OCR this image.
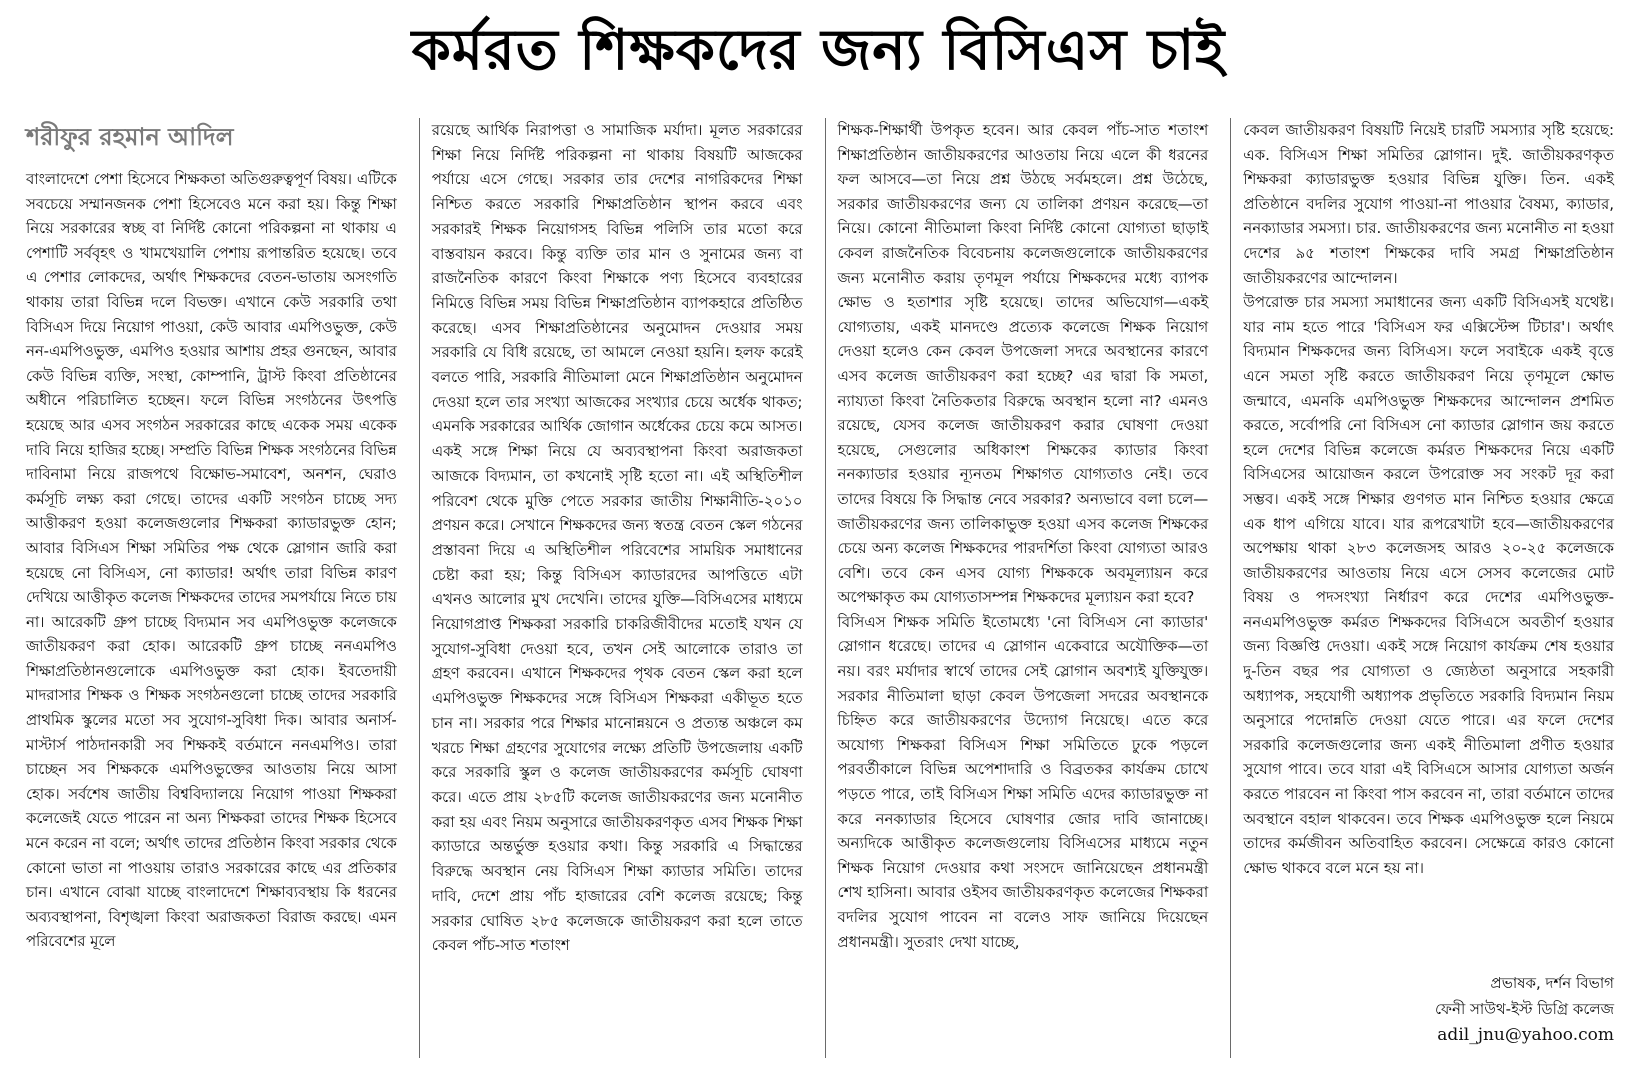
কর্মরত শিক্ষকদের জন্য বিসিএস চাই
শরীফুর রহমান আদিল

বাংলাদেশে পেশা হিসেবে শিক্ষকতা অতিগুরুত্বপূর্ণ বিষয়। এটিকে সবচেয়ে সম্মানজনক পেশা হিসেবেও মনে করা হয়। কিন্তু শিক্ষা নিয়ে সরকারের স্বচ্ছ বা নির্দিষ্ট কোনো পরিকল্পনা না থাকায় এ পেশাটি সর্ববৃহৎ ও খামখেয়ালি পেশায় রূপান্তরিত হয়েছে। তবে এ পেশার লোকদের, অর্থাৎ শিক্ষকদের বেতন-ভাতায় অসংগতি থাকায় তারা বিভিন্ন দলে বিভক্ত। এখানে কেউ সরকারি তথা বিসিএস দিয়ে নিয়োগ পাওয়া, কেউ আবার এমপিওভুক্ত, কেউ নন-এমপিওভুক্ত, এমপিও হওয়ার আশায় প্রহর গুনছেন, আবার কেউ বিভিন্ন ব্যক্তি, সংস্থা, কোম্পানি, ট্রাস্ট কিংবা প্রতিষ্ঠানের অধীনে পরিচালিত হচ্ছেন। ফলে বিভিন্ন সংগঠনের উৎপত্তি হয়েছে আর এসব সংগঠন সরকারের কাছে একেক সময় একেক দাবি নিয়ে হাজির হচ্ছে। সম্প্রতি বিভিন্ন শিক্ষক সংগঠনের বিভিন্ন দাবিনামা নিয়ে রাজপথে বিক্ষোভ-সমাবেশ, অনশন, ঘেরাও কর্মসূচি লক্ষ্য করা গেছে। তাদের একটি সংগঠন চাচ্ছে সদ্য আত্তীকরণ হওয়া কলেজগুলোর শিক্ষকরা ক্যাডারভুক্ত হোন; আবার বিসিএস শিক্ষা সমিতির পক্ষ থেকে স্লোগান জারি করা হয়েছে নো বিসিএস, নো ক্যাডার! অর্থাৎ তারা বিভিন্ন কারণ দেখিয়ে আত্তীকৃত কলেজ শিক্ষকদের তাদের সমপর্যায়ে নিতে চায় না। আরেকটি গ্রুপ চাচ্ছে বিদ্যমান সব এমপিওভুক্ত কলেজকে জাতীয়করণ করা হোক। আরেকটি গ্রুপ চাচ্ছে ননএমপিও শিক্ষাপ্রতিষ্ঠানগুলোকে এমপিওভুক্ত করা হোক। ইবতেদায়ী মাদরাসার শিক্ষক ও শিক্ষক সংগঠনগুলো চাচ্ছে তাদের সরকারি প্রাথমিক স্কুলের মতো সব সুযোগ-সুবিধা দিক। আবার অনার্স-মাস্টার্স পাঠদানকারী সব শিক্ষকই বর্তমানে ননএমপিও। তারা চাচ্ছেন সব শিক্ষককে এমপিওভুক্তের আওতায় নিয়ে আসা হোক। সর্বশেষ জাতীয় বিশ্ববিদ্যালয়ে নিয়োগ পাওয়া শিক্ষকরা কলেজেই যেতে পারেন না অন্য শিক্ষকরা তাদের শিক্ষক হিসেবে মনে করেন না বলে; অর্থাৎ তাদের প্রতিষ্ঠান কিংবা সরকার থেকে কোনো ভাতা না পাওয়ায় তারাও সরকারের কাছে এর প্রতিকার চান। এখানে বোঝা যাচ্ছে বাংলাদেশে শিক্ষাব্যবস্থায় কি ধরনের অব্যবস্থাপনা, বিশৃঙ্খলা কিংবা অরাজকতা বিরাজ করছে। এমন পরিবেশের মূলে

রয়েছে আর্থিক নিরাপত্তা ও সামাজিক মর্যাদা। মূলত সরকারের শিক্ষা নিয়ে নির্দিষ্ট পরিকল্পনা না থাকায় বিষয়টি আজকের পর্যায়ে এসে গেছে। সরকার তার দেশের নাগরিকদের শিক্ষা নিশ্চিত করতে সরকারি শিক্ষাপ্রতিষ্ঠান স্থাপন করবে এবং সরকারই শিক্ষক নিয়োগসহ বিভিন্ন পলিসি তার মতো করে বাস্তবায়ন করবে। কিন্তু ব্যক্তি তার মান ও সুনামের জন্য বা রাজনৈতিক কারণে কিংবা শিক্ষাকে পণ্য হিসেবে ব্যবহারের নিমিত্তে বিভিন্ন সময় বিভিন্ন শিক্ষাপ্রতিষ্ঠান ব্যাপকহারে প্রতিষ্ঠিত করেছে। এসব শিক্ষাপ্রতিষ্ঠানের অনুমোদন দেওয়ার সময় সরকারি যে বিধি রয়েছে, তা আমলে নেওয়া হয়নি। হলফ করেই বলতে পারি, সরকারি নীতিমালা মেনে শিক্ষাপ্রতিষ্ঠান অনুমোদন দেওয়া হলে তার সংখ্যা আজকের সংখ্যার চেয়ে অর্ধেক থাকত; এমনকি সরকারের আর্থিক জোগান অর্ধেকের চেয়ে কমে আসত। একই সঙ্গে শিক্ষা নিয়ে যে অব্যবস্থাপনা কিংবা অরাজকতা আজকে বিদ্যমান, তা কখনোই সৃষ্টি হতো না। এই অস্থিতিশীল পরিবেশ থেকে মুক্তি পেতে সরকার জাতীয় শিক্ষানীতি-২০১০ প্রণয়ন করে। সেখানে শিক্ষকদের জন্য স্বতন্ত্র বেতন স্কেল গঠনের প্রস্তাবনা দিয়ে এ অস্থিতিশীল পরিবেশের সাময়িক সমাধানের চেষ্টা করা হয়; কিন্তু বিসিএস ক্যাডারদের আপত্তিতে এটা এখনও আলোর মুখ দেখেনি। তাদের যুক্তি—বিসিএসের মাধ্যমে নিয়োগপ্রাপ্ত শিক্ষকরা সরকারি চাকরিজীবীদের মতোই যখন যে সুযোগ-সুবিধা দেওয়া হবে, তখন সেই আলোকে তারাও তা গ্রহণ করবেন। এখানে শিক্ষকদের পৃথক বেতন স্কেল করা হলে এমপিওভুক্ত শিক্ষকদের সঙ্গে বিসিএস শিক্ষকরা একীভূত হতে চান না। সরকার পরে শিক্ষার মানোন্নয়নে ও প্রত্যন্ত অঞ্চলে কম খরচে শিক্ষা গ্রহণের সুযোগের লক্ষ্যে প্রতিটি উপজেলায় একটি করে সরকারি স্কুল ও কলেজ জাতীয়করণের কর্মসূচি ঘোষণা করে। এতে প্রায় ২৮৫টি কলেজ জাতীয়করণের জন্য মনোনীত করা হয় এবং নিয়ম অনুসারে জাতীয়করণকৃত এসব শিক্ষক শিক্ষা ক্যাডারে অন্তর্ভুক্ত হওয়ার কথা। কিন্তু সরকারি এ সিদ্ধান্তের বিরুদ্ধে অবস্থান নেয় বিসিএস শিক্ষা ক্যাডার সমিতি। তাদের দাবি, দেশে প্রায় পাঁচ হাজারের বেশি কলেজ রয়েছে; কিন্তু সরকার ঘোষিত ২৮৫ কলেজকে জাতীয়করণ করা হলে তাতে কেবল পাঁচ-সাত শতাংশ

শিক্ষক-শিক্ষার্থী উপকৃত হবেন। আর কেবল পাঁচ-সাত শতাংশ শিক্ষাপ্রতিষ্ঠান জাতীয়করণের আওতায় নিয়ে এলে কী ধরনের ফল আসবে—তা নিয়ে প্রশ্ন উঠছে সর্বমহলে। প্রশ্ন উঠেছে, সরকার জাতীয়করণের জন্য যে তালিকা প্রণয়ন করেছে—তা নিয়ে। কোনো নীতিমালা কিংবা নির্দিষ্ট কোনো যোগ্যতা ছাড়াই কেবল রাজনৈতিক বিবেচনায় কলেজগুলোকে জাতীয়করণের জন্য মনোনীত করায় তৃণমূল পর্যায়ে শিক্ষকদের মধ্যে ব্যাপক ক্ষোভ ও হতাশার সৃষ্টি হয়েছে। তাদের অভিযোগ—একই যোগ্যতায়, একই মানদণ্ডে প্রত্যেক কলেজে শিক্ষক নিয়োগ দেওয়া হলেও কেন কেবল উপজেলা সদরে অবস্থানের কারণে এসব কলেজ জাতীয়করণ করা হচ্ছে? এর দ্বারা কি সমতা, ন্যায্যতা কিংবা নৈতিকতার বিরুদ্ধে অবস্থান হলো না? এমনও রয়েছে, যেসব কলেজ জাতীয়করণ করার ঘোষণা দেওয়া হয়েছে, সেগুলোর অধিকাংশ শিক্ষকের ক্যাডার কিংবা ননক্যাডার হওয়ার ন্যূনতম শিক্ষাগত যোগ্যতাও নেই। তবে তাদের বিষয়ে কি সিদ্ধান্ত নেবে সরকার? অন্যভাবে বলা চলে—জাতীয়করণের জন্য তালিকাভুক্ত হওয়া এসব কলেজ শিক্ষকের চেয়ে অন্য কলেজ শিক্ষকদের পারদর্শিতা কিংবা যোগ্যতা আরও বেশি। তবে কেন এসব যোগ্য শিক্ষককে অবমূল্যায়ন করে অপেক্ষাকৃত কম যোগ্যতাসম্পন্ন শিক্ষকদের মূল্যায়ন করা হবে?

বিসিএস শিক্ষক সমিতি ইতোমধ্যে 'নো বিসিএস নো ক্যাডার' স্লোগান ধরেছে। তাদের এ স্লোগান একেবারে অযৌক্তিক—তা নয়। বরং মর্যাদার স্বার্থে তাদের সেই স্লোগান অবশ্যই যুক্তিযুক্ত। সরকার নীতিমালা ছাড়া কেবল উপজেলা সদরের অবস্থানকে চিহ্নিত করে জাতীয়করণের উদ্যোগ নিয়েছে। এতে করে অযোগ্য শিক্ষকরা বিসিএস শিক্ষা সমিতিতে ঢুকে পড়লে পরবর্তীকালে বিভিন্ন অপেশাদারি ও বিব্রতকর কার্যক্রম চোখে পড়তে পারে, তাই বিসিএস শিক্ষা সমিতি এদের ক্যাডারভুক্ত না করে ননক্যাডার হিসেবে ঘোষণার জোর দাবি জানাচ্ছে। অন্যদিকে আত্তীকৃত কলেজগুলোয় বিসিএসের মাধ্যমে নতুন শিক্ষক নিয়োগ দেওয়ার কথা সংসদে জানিয়েছেন প্রধানমন্ত্রী শেখ হাসিনা। আবার ওইসব জাতীয়করণকৃত কলেজের শিক্ষকরা বদলির সুযোগ পাবেন না বলেও সাফ জানিয়ে দিয়েছেন প্রধানমন্ত্রী। সুতরাং দেখা যাচ্ছে,

কেবল জাতীয়করণ বিষয়টি নিয়েই চারটি সমস্যার সৃষ্টি হয়েছে: এক. বিসিএস শিক্ষা সমিতির স্লোগান। দুই. জাতীয়করণকৃত শিক্ষকরা ক্যাডারভুক্ত হওয়ার বিভিন্ন যুক্তি। তিন. একই প্রতিষ্ঠানে বদলির সুযোগ পাওয়া-না পাওয়ার বৈষম্য, ক্যাডার, ননক্যাডার সমস্যা। চার. জাতীয়করণের জন্য মনোনীত না হওয়া দেশের ৯৫ শতাংশ শিক্ষকের দাবি সমগ্র শিক্ষাপ্রতিষ্ঠান জাতীয়করণের আন্দোলন।

উপরোক্ত চার সমস্যা সমাধানের জন্য একটি বিসিএসই যথেষ্ট। যার নাম হতে পারে 'বিসিএস ফর এক্সিস্টেন্স টিচার'। অর্থাৎ বিদ্যমান শিক্ষকদের জন্য বিসিএস। ফলে সবাইকে একই বৃত্তে এনে সমতা সৃষ্টি করতে জাতীয়করণ নিয়ে তৃণমূলে ক্ষোভ জন্মাবে, এমনকি এমপিওভুক্ত শিক্ষকদের আন্দোলন প্রশমিত করতে, সর্বোপরি নো বিসিএস নো ক্যাডার স্লোগান জয় করতে হলে দেশের বিভিন্ন কলেজে কর্মরত শিক্ষকদের নিয়ে একটি বিসিএসের আয়োজন করলে উপরোক্ত সব সংকট দূর করা সম্ভব। একই সঙ্গে শিক্ষার গুণগত মান নিশ্চিত হওয়ার ক্ষেত্রে এক ধাপ এগিয়ে যাবে। যার রূপরেখাটা হবে—জাতীয়করণের অপেক্ষায় থাকা ২৮৩ কলেজসহ আরও ২০-২৫ কলেজকে জাতীয়করণের আওতায় নিয়ে এসে সেসব কলেজের মোট বিষয় ও পদসংখ্যা নির্ধারণ করে দেশের এমপিওভুক্ত-ননএমপিওভুক্ত কর্মরত শিক্ষকদের বিসিএসে অবতীর্ণ হওয়ার জন্য বিজ্ঞপ্তি দেওয়া। একই সঙ্গে নিয়োগ কার্যক্রম শেষ হওয়ার দু-তিন বছর পর যোগ্যতা ও জ্যেষ্ঠতা অনুসারে সহকারী অধ্যাপক, সহযোগী অধ্যাপক প্রভৃতিতে সরকারি বিদ্যমান নিয়ম অনুসারে পদোন্নতি দেওয়া যেতে পারে। এর ফলে দেশের সরকারি কলেজগুলোর জন্য একই নীতিমালা প্রণীত হওয়ার সুযোগ পাবে। তবে যারা এই বিসিএসে আসার যোগ্যতা অর্জন করতে পারবেন না কিংবা পাস করবেন না, তারা বর্তমানে তাদের অবস্থানে বহাল থাকবেন। তবে শিক্ষক এমপিওভুক্ত হলে নিয়মে তাদের কর্মজীবন অতিবাহিত করবেন। সেক্ষেত্রে কারও কোনো ক্ষোভ থাকবে বলে মনে হয় না।

প্রভাষক, দর্শন বিভাগ
ফেনী সাউথ-ইস্ট ডিগ্রি কলেজ
adil_jnu@yahoo.com
